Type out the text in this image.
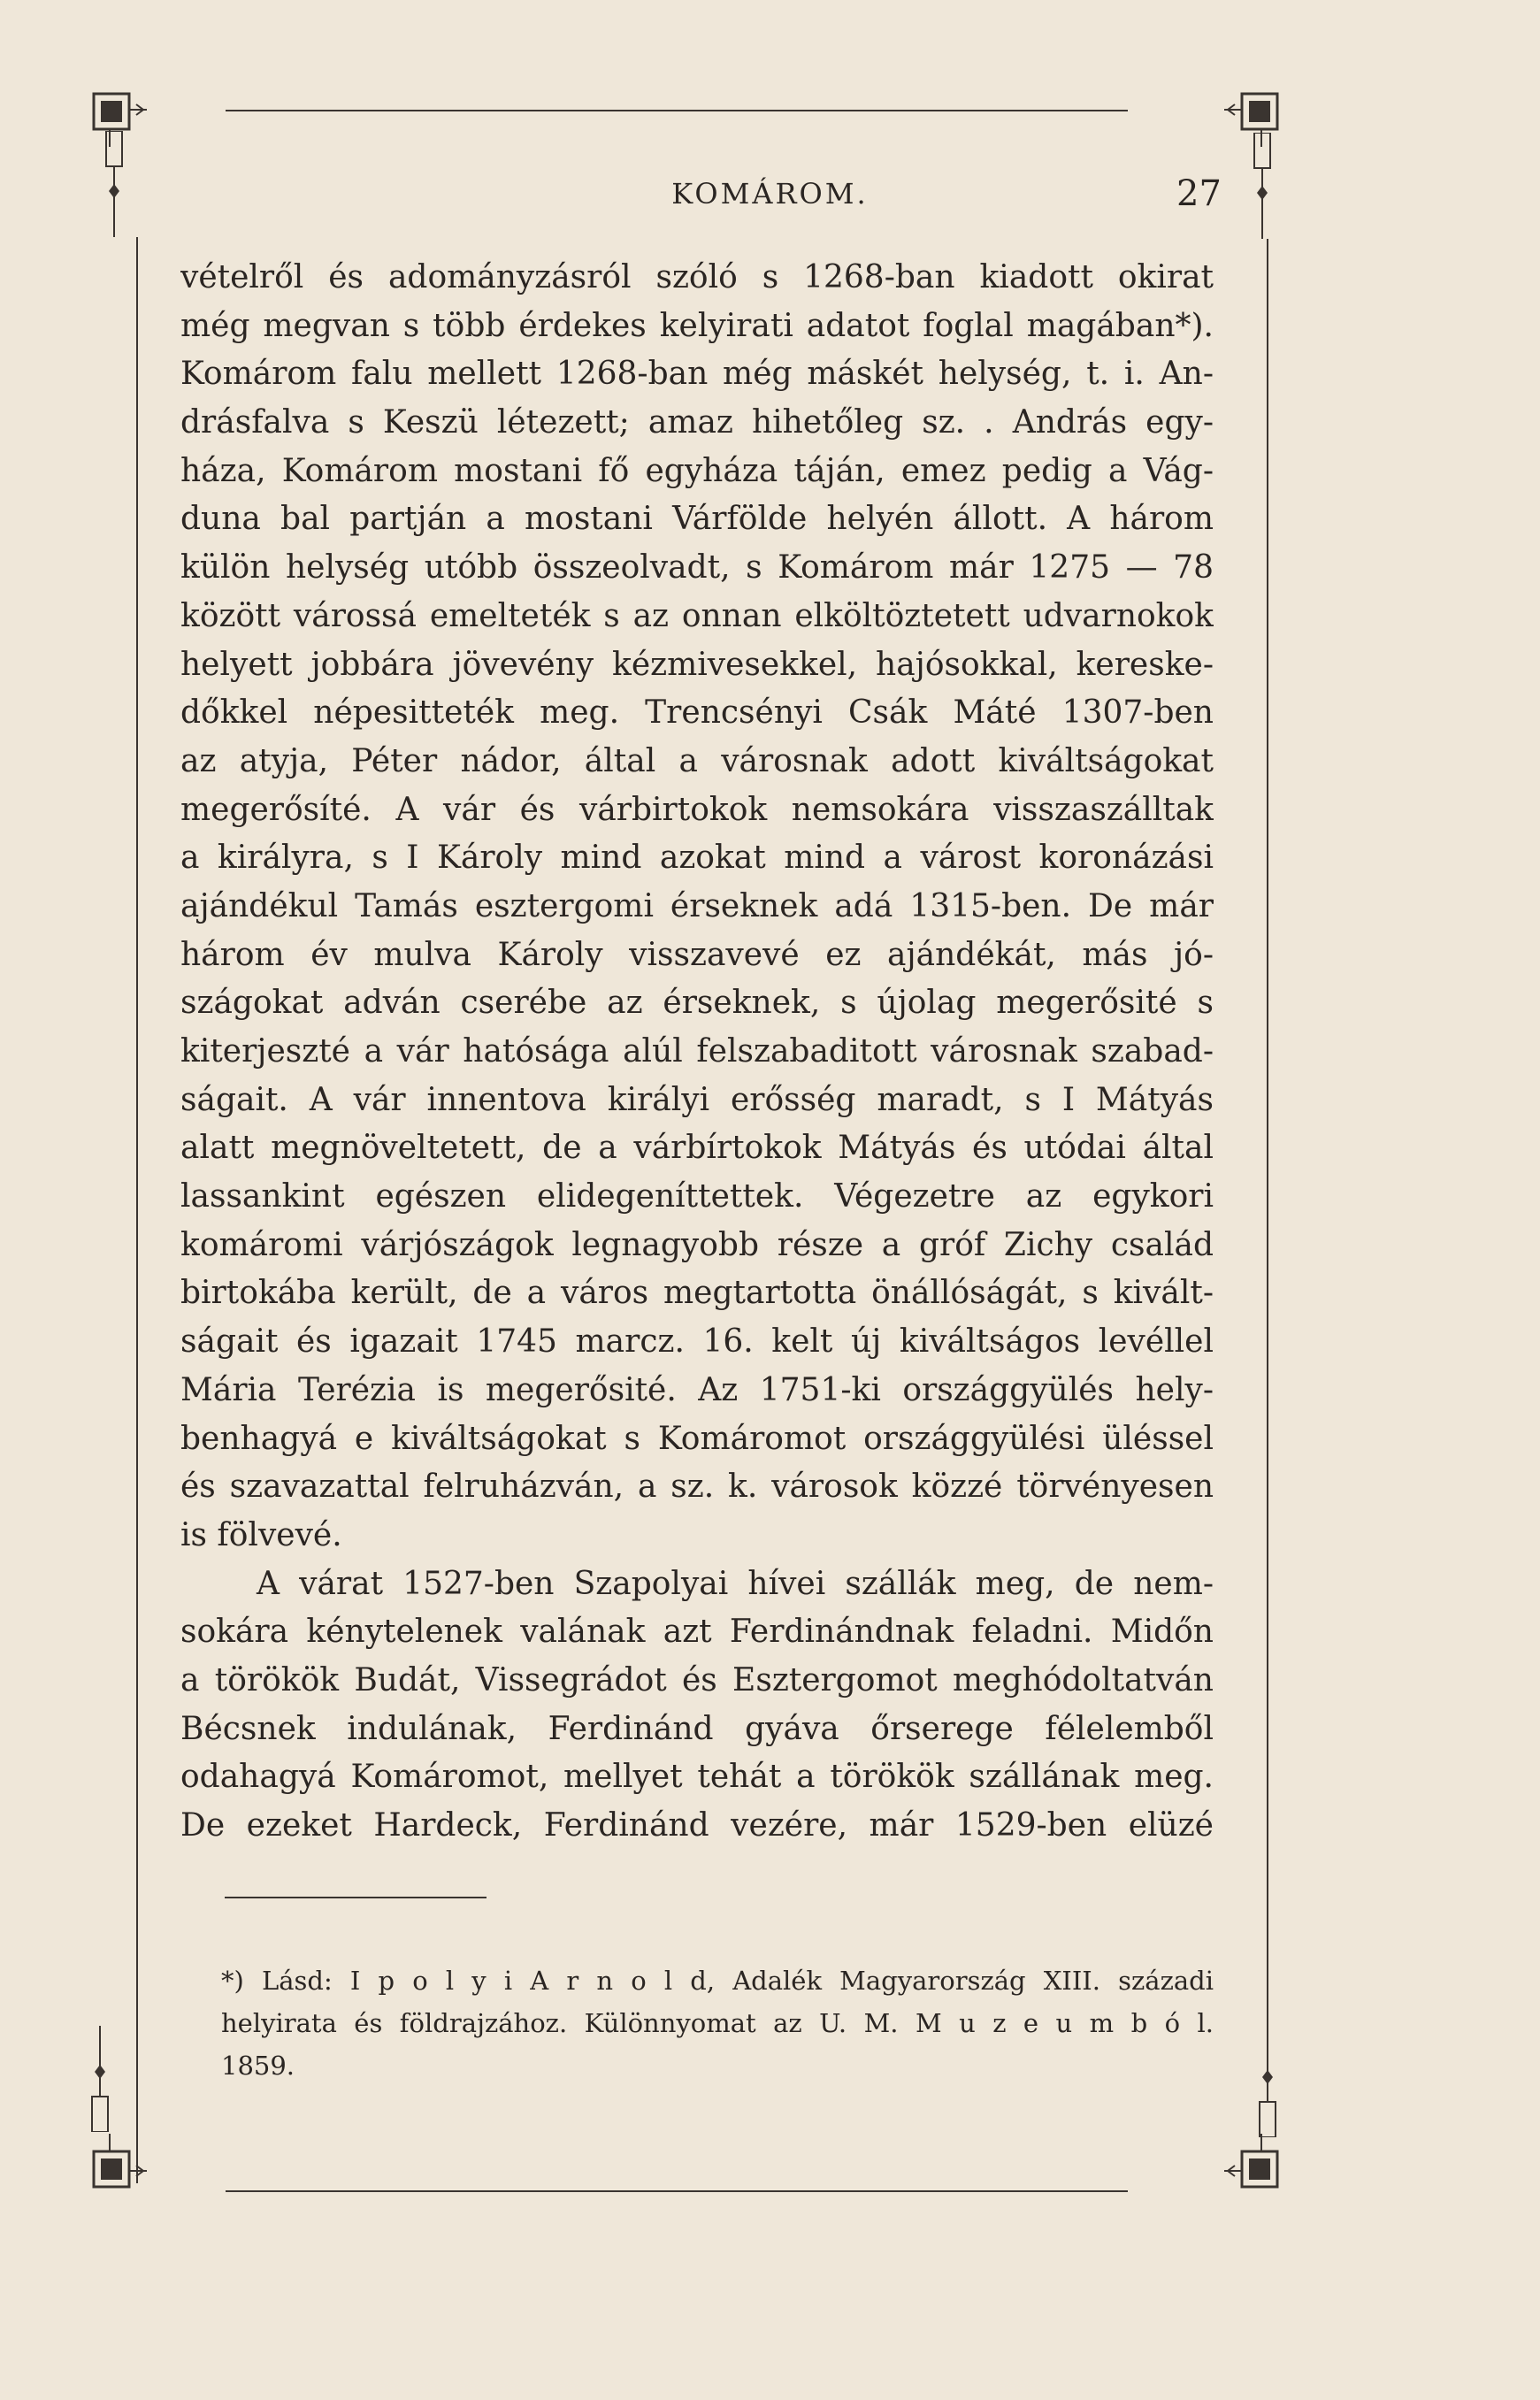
KOMÁROM.	27
vételről és adományzásról szóló s 1268-ban kiadott okirat
még megvan s több érdekes kelyirati adatot foglal magában*).
Komárom falu mellett 1268-ban még máskét helység, t. i. An-
drásfalva s Keszü létezett; amaz hihetőleg sz. . András egy-
háza, Komárom mostani fő egyháza táján, emez pedig a Vág-
duna bal partján a mostani Várfölde helyén állott. A három
külön helység utóbb összeolvadt, s Komárom már 1275 — 78
között várossá emelteték s az onnan elköltöztetett udvarnokok
helyett jobbára jövevény kézmivesekkel, hajósokkal, kereske-
dőkkel népesitteték meg. Trencsényi Csák Máté 1307-ben
az atyja, Péter nádor, által a városnak adott kiváltságokat
megerősíté. A vár és várbirtokok nemsokára visszaszálltak
a királyra, s I Károly mind azokat mind a várost koronázási
ajándékul Tamás esztergomi érseknek adá 1315-ben. De már
három év mulva Károly visszavevé ez ajándékát, más jó-
szágokat adván cserébe az érseknek, s újolag megerősité s
kiterjeszté a vár hatósága alúl felszabaditott városnak szabad-
ságait. A vár innentova királyi erősség maradt, s I Mátyás
alatt megnöveltetett, de a várbírtokok Mátyás és utódai által
lassankint egészen elidegeníttettek. Végezetre az egykori
komáromi várjószágok legnagyobb része a gróf Zichy család
birtokába került, de a város megtartotta önállóságát, s kivált-
ságait és igazait 1745 marcz. 16. kelt új kiváltságos levéllel
Mária Terézia is megerősité. Az 1751-ki országgyülés hely-
benhagyá e kiváltságokat s Komáromot országgyülési üléssel
és szavazattal felruházván, a sz. k. városok közzé törvényesen
is fölvevé.
A várat 1527-ben Szapolyai hívei szállák meg, de nem-
sokára kénytelenek valának azt Ferdinándnak feladni. Midőn
a törökök Budát, Vissegrádot és Esztergomot meghódoltatván
Bécsnek indulának, Ferdinánd gyáva őrserege félelemből
odahagyá Komáromot, mellyet tehát a törökök szállának meg.
De ezeket Hardeck, Ferdinánd vezére, már 1529-ben elüzé
*) Lásd: I p o l y i A r n o l d, Adalék Magyarország XIII. századi
helyirata és földrajzához. Különnyomat az U. M. M u z e u m b ó l.
1859.
